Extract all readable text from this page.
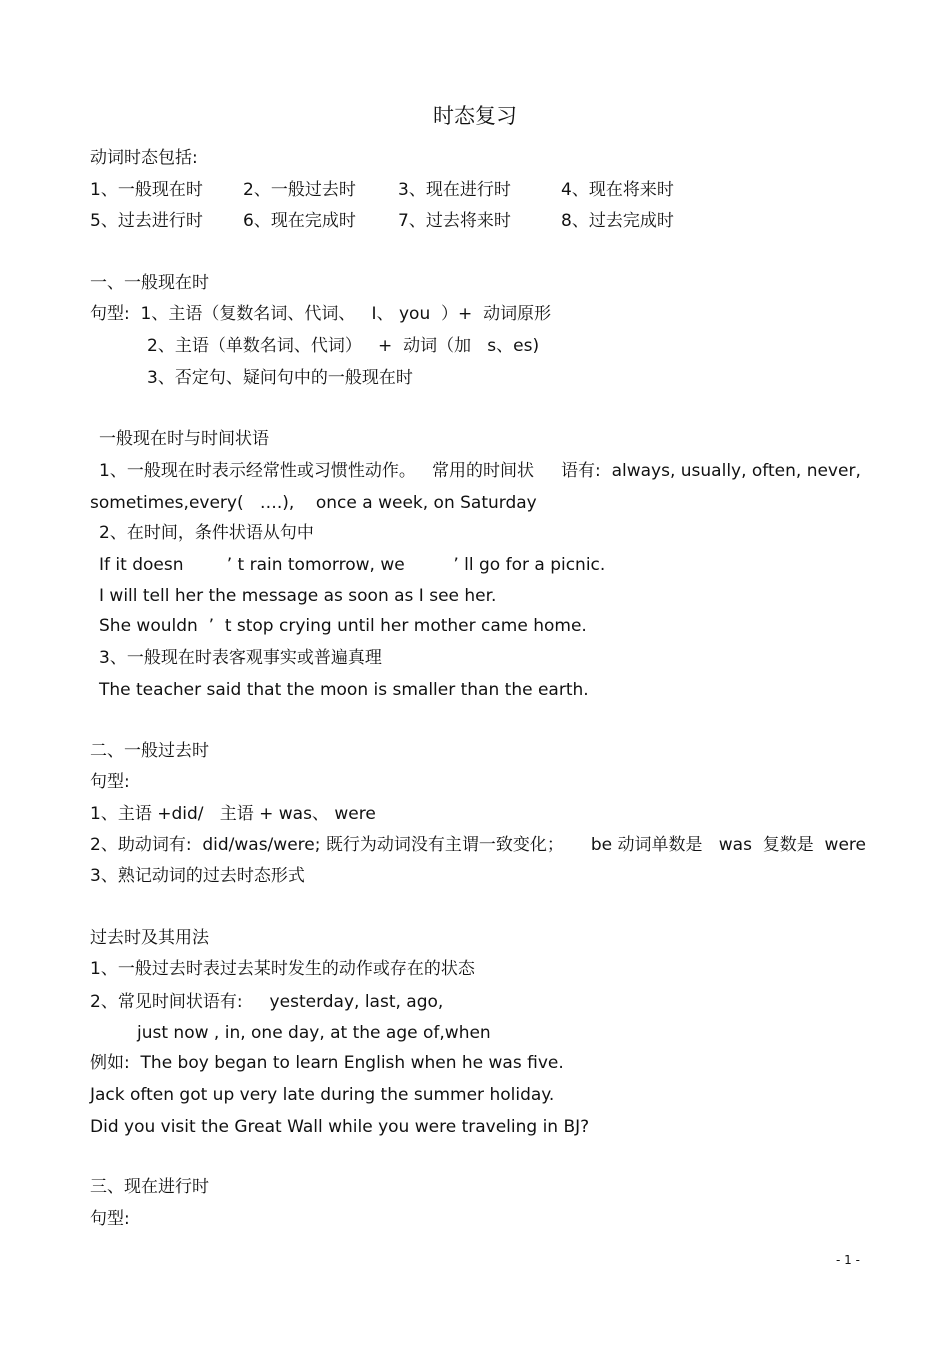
时态复习
动词时态包括:
1、一般现在时 2、一般过去时 3、现在进行时	4、现在将来时
5、过去进行时 6、现在完成时 7、过去将来时	8、过去完成时
一、一般现在时
句型:  1、主语（复数名词、代词、   I、 you  ）+  动词原形
2、主语（单数名词、代词）   +  动词（加   s、es)
3、否定句、疑问句中的一般现在时
一般现在时与时间状语
1、一般现在时表示经常性或习惯性动作。   常用的时间状     语有:  always, usually, often, never,
sometimes,every(   ….),    once a week, on Saturday
2、在时间，条件状语从句中
If it doesn        ’ t rain tomorrow, we         ’ ll go for a picnic.
I will tell her the message as soon as I see her.
She wouldn  ’  t stop crying until her mother came home.
3、一般现在时表客观事实或普遍真理
The teacher said that the moon is smaller than the earth.
二、一般过去时
句型:
1、主语 +did/   主语 + was、 were
2、助动词有:  did/was/were; 既行为动词没有主谓一致变化；     be 动词单数是   was  复数是  were
3、熟记动词的过去时态形式
过去时及其用法
1、一般过去时表过去某时发生的动作或存在的状态
2、常见时间状语有:     yesterday, last, ago,
just now , in, one day, at the age of,when
例如:  The boy began to learn English when he was five.
Jack often got up very late during the summer holiday.
Did you visit the Great Wall while you were traveling in BJ?
三、现在进行时
句型:
- 1 -
